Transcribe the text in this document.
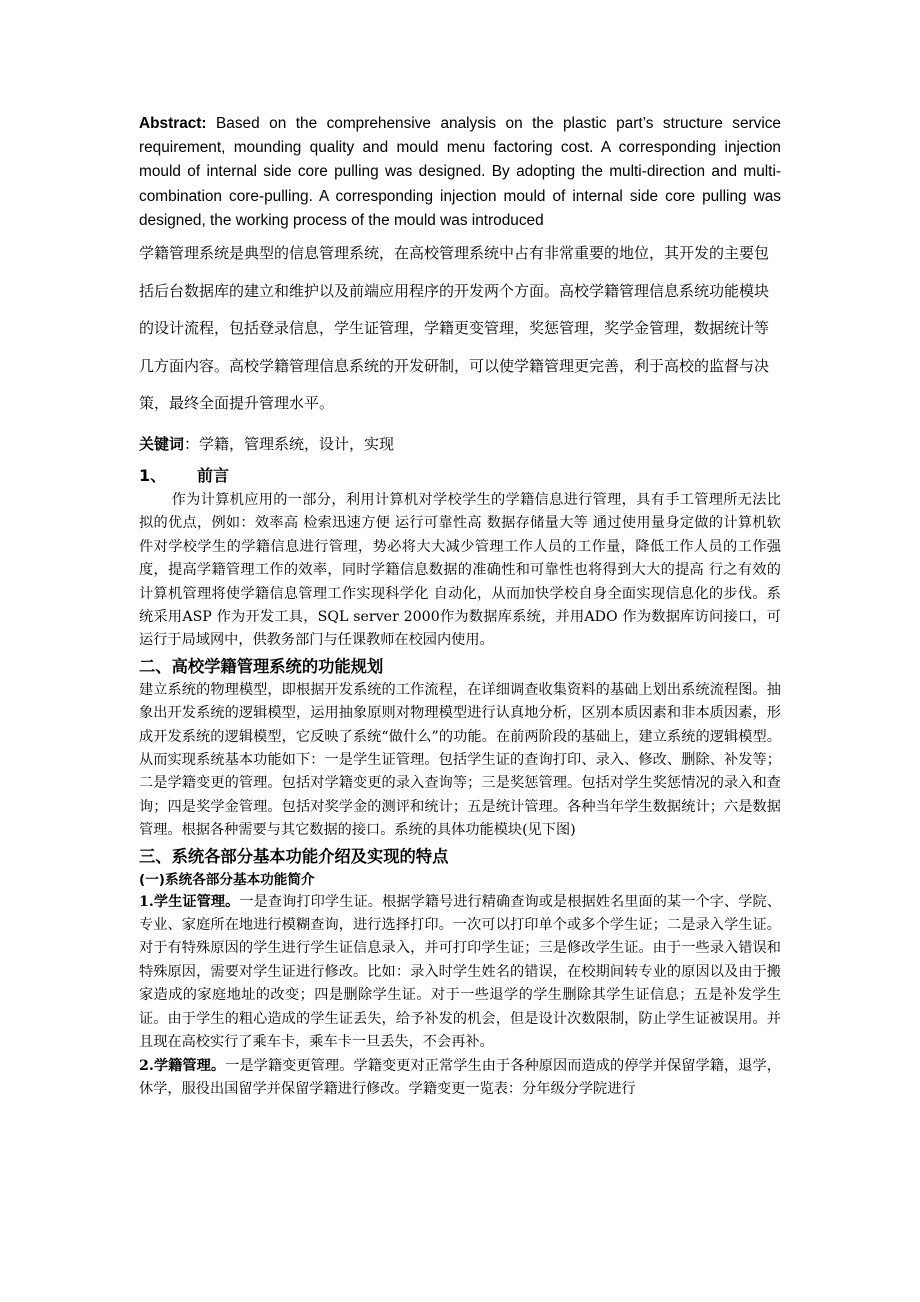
Abstract: Based on the comprehensive analysis on the plastic part’s structure service requirement, mounding quality and mould menu factoring cost. A corresponding injection mould of internal side core pulling was designed. By adopting the multi-direction and multi-combination core-pulling. A corresponding injection mould of internal side core pulling was designed, the working process of the mould was introduced

学籍管理系统是典型的信息管理系统，在高校管理系统中占有非常重要的地位，其开发的主要包括后台数据库的建立和维护以及前端应用程序的开发两个方面。高校学籍管理信息系统功能模块的设计流程，包括登录信息，学生证管理，学籍更变管理，奖惩管理，奖学金管理，数据统计等几方面内容。高校学籍管理信息系统的开发研制，可以使学籍管理更完善，利于高校的监督与决策，最终全面提升管理水平。

关键词：学籍，管理系统，设计，实现

1、 前言

作为计算机应用的一部分，利用计算机对学校学生的学籍信息进行管理，具有手工管理所无法比拟的优点，例如：效率高 检索迅速方便 运行可靠性高 数据存储量大等 通过使用量身定做的计算机软件对学校学生的学籍信息进行管理，势必将大大减少管理工作人员的工作量，降低工作人员的工作强度，提高学籍管理工作的效率，同时学籍信息数据的准确性和可靠性也将得到大大的提高 行之有效的计算机管理将使学籍信息管理工作实现科学化 自动化，从而加快学校自身全面实现信息化的步伐。系统采用ASP 作为开发工具，SQL server 2000作为数据库系统，并用ADO 作为数据库访问接口，可运行于局域网中，供教务部门与任课教师在校园内使用。

二、高校学籍管理系统的功能规划

建立系统的物理模型，即根据开发系统的工作流程，在详细调查收集资料的基础上划出系统流程图。抽象出开发系统的逻辑模型，运用抽象原则对物理模型进行认真地分析，区别本质因素和非本质因素，形成开发系统的逻辑模型，它反映了系统“做什么”的功能。在前两阶段的基础上，建立系统的逻辑模型。从而实现系统基本功能如下：一是学生证管理。包括学生证的查询打印、录入、修改、删除、补发等；二是学籍变更的管理。包括对学籍变更的录入查询等；三是奖惩管理。包括对学生奖惩情况的录入和查询；四是奖学金管理。包括对奖学金的测评和统计；五是统计管理。各种当年学生数据统计；六是数据管理。根据各种需要与其它数据的接口。系统的具体功能模块(见下图)

三、系统各部分基本功能介绍及实现的特点
(一)系统各部分基本功能简介

1.学生证管理。一是查询打印学生证。根据学籍号进行精确查询或是根据姓名里面的某一个字、学院、专业、家庭所在地进行模糊查询，进行选择打印。一次可以打印单个或多个学生证；二是录入学生证。对于有特殊原因的学生进行学生证信息录入，并可打印学生证；三是修改学生证。由于一些录入错误和特殊原因，需要对学生证进行修改。比如：录入时学生姓名的错误，在校期间转专业的原因以及由于搬家造成的家庭地址的改变；四是删除学生证。对于一些退学的学生删除其学生证信息；五是补发学生证。由于学生的粗心造成的学生证丢失，给予补发的机会，但是设计次数限制，防止学生证被误用。并且现在高校实行了乘车卡，乘车卡一旦丢失，不会再补。

2.学籍管理。一是学籍变更管理。学籍变更对正常学生由于各种原因而造成的停学并保留学籍，退学，休学，服役出国留学并保留学籍进行修改。学籍变更一览表：分年级分学院进行
